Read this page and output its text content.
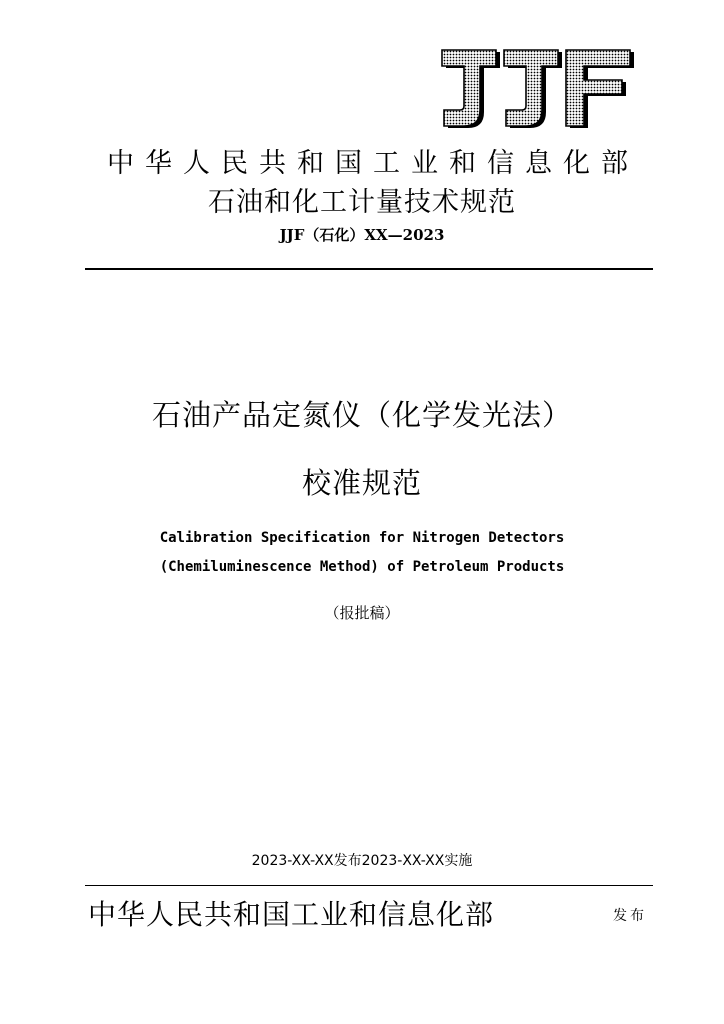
中华人民共和国工业和信息化部
石油和化工计量技术规范
JJF（石化）XX—2023
石油产品定氮仪（化学发光法）
校准规范
Calibration Specification for Nitrogen Detectors
(Chemiluminescence Method) of Petroleum Products
（报批稿）
2023-XX-XX发布2023-XX-XX实施
中华人民共和国工业和信息化部	发布
